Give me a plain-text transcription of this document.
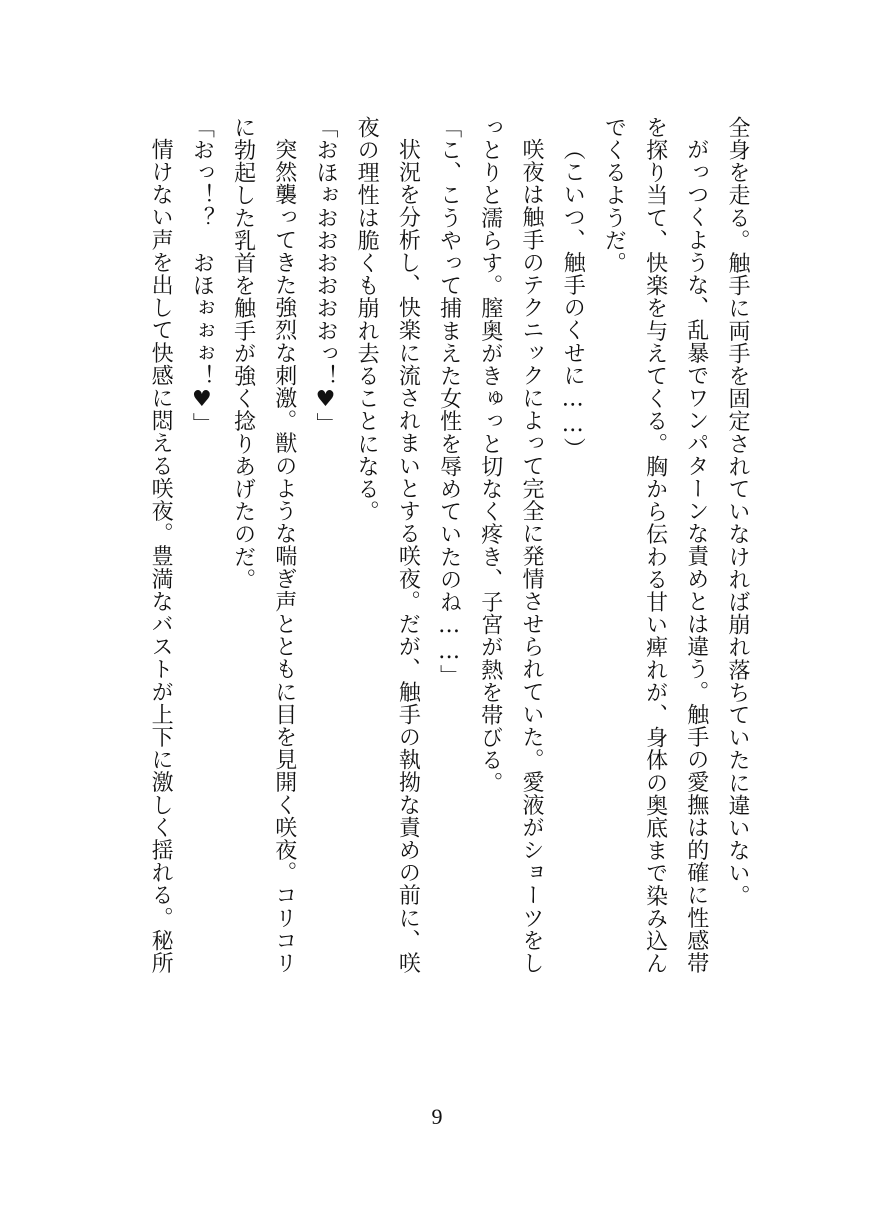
全身を走る。触手に両手を固定されていなければ崩れ落ちていたに違いない。
がっつくような、乱暴でワンパターンな責めとは違う。触手の愛撫は的確に性感帯
を探り当て、快楽を与えてくる。胸から伝わる甘い痺れが、身体の奥底まで染み込ん
でくるようだ。
（こいつ、触手のくせに……）
咲夜は触手のテクニックによって完全に発情させられていた。愛液がショーツをし
っとりと濡らす。膣奥がきゅっと切なく疼き、子宮が熱を帯びる。
「こ、こうやって捕まえた女性を辱めていたのね……」
状況を分析し、快楽に流されまいとする咲夜。だが、触手の執拗な責めの前に、咲
夜の理性は脆くも崩れ去ることになる。
「おほぉおおおおおおっ！♥」
突然襲ってきた強烈な刺激。獣のような喘ぎ声とともに目を見開く咲夜。コリコリ
に勃起した乳首を触手が強く捻りあげたのだ。
「おっ！？　おほぉぉぉ！♥」
情けない声を出して快感に悶える咲夜。豊満なバストが上下に激しく揺れる。秘所
9
